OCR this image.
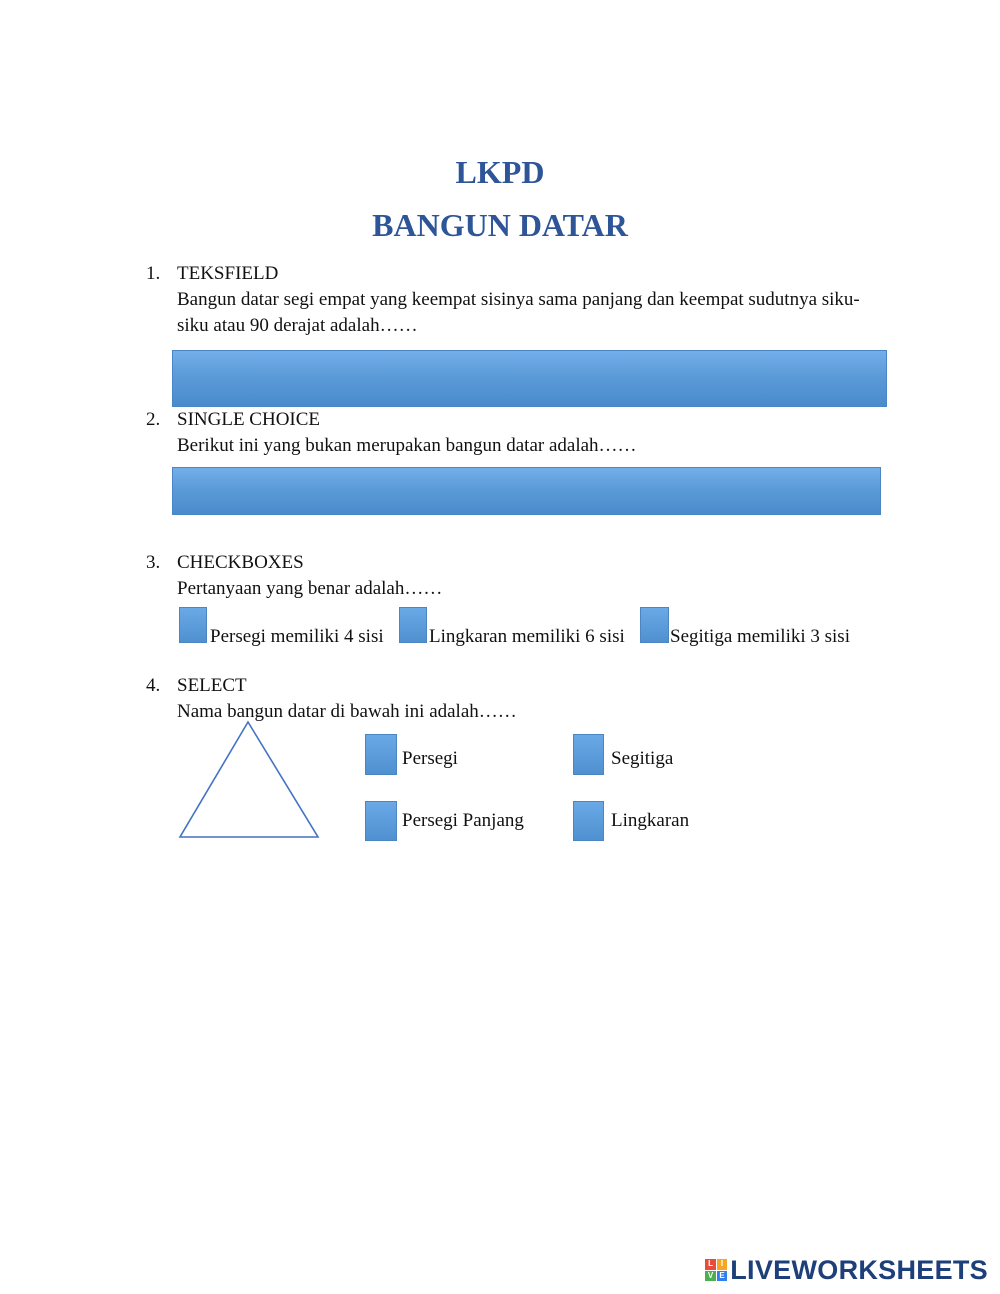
LKPD
BANGUN DATAR
1. TEKSFIELD
Bangun datar segi empat yang keempat sisinya sama panjang dan keempat sudutnya siku-
siku atau 90 derajat adalah……
2. SINGLE CHOICE
Berikut ini yang bukan merupakan bangun datar adalah……
3. CHECKBOXES
Pertanyaan yang benar adalah……
Persegi memiliki 4 sisi Lingkaran memiliki 6 sisi Segitiga memiliki 3 sisi
4. SELECT
Nama bangun datar di bawah ini adalah……
Persegi	Segitiga
Persegi Panjang	Lingkaran
L I
V E LIVEWORKSHEETS
